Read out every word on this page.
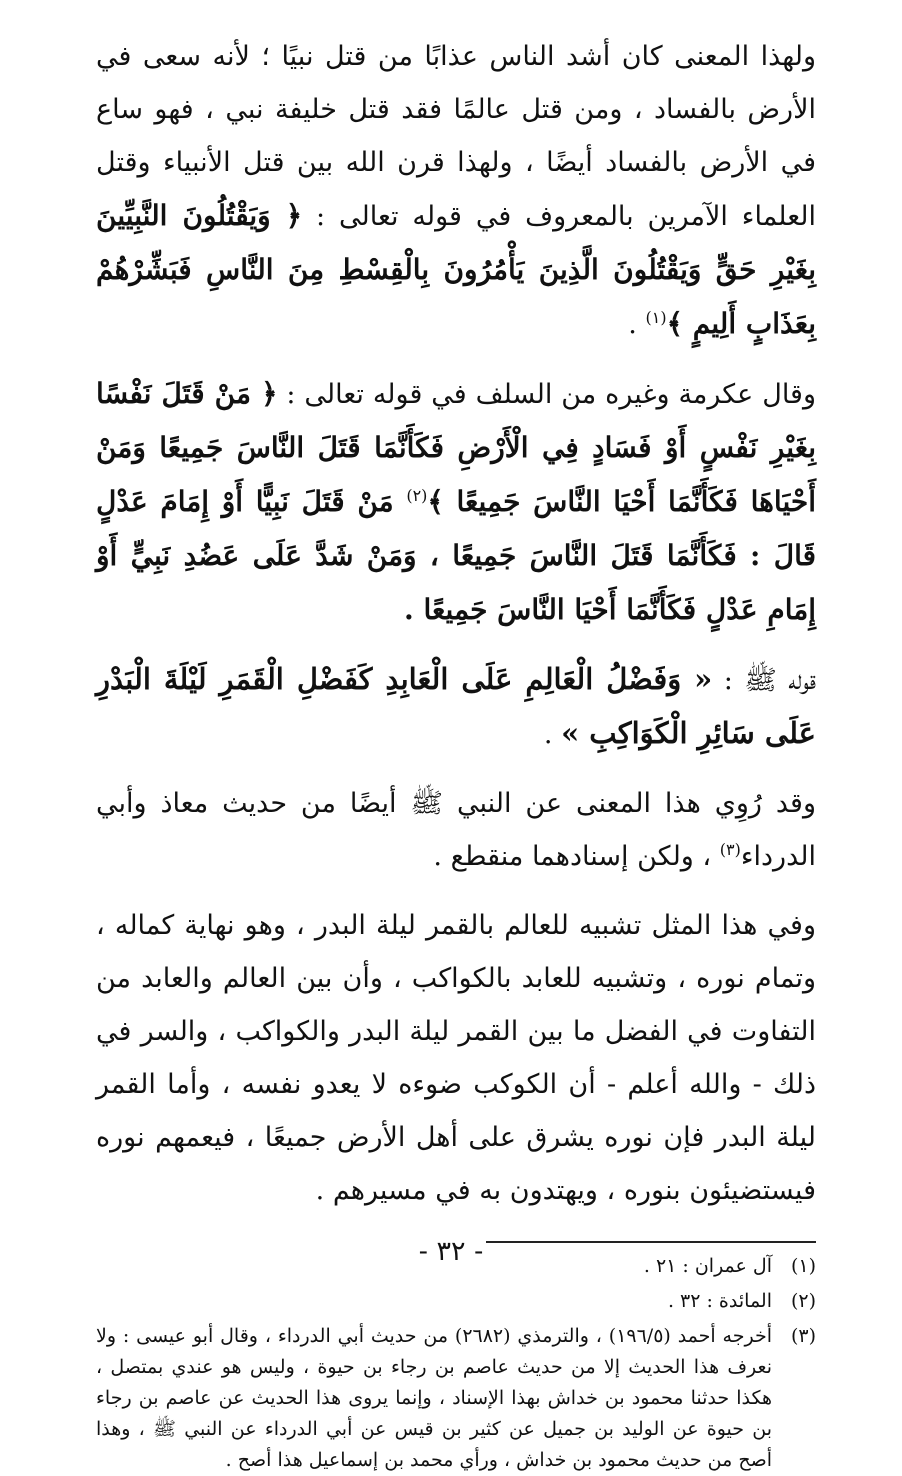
ولهذا المعنى كان أشد الناس عذابًا من قتل نبيًا ؛ لأنه سعى في الأرض بالفساد ، ومن قتل عالمًا فقد قتل خليفة نبي ، فهو ساع في الأرض بالفساد أيضًا ، ولهذا قرن الله بين قتل الأنبياء وقتل العلماء الآمرين بالمعروف في قوله تعالى : ﴿ وَيَقْتُلُونَ النَّبِيِّينَ بِغَيْرِ حَقٍّ وَيَقْتُلُونَ الَّذِينَ يَأْمُرُونَ بِالْقِسْطِ مِنَ النَّاسِ فَبَشِّرْهُمْ بِعَذَابٍ أَلِيمٍ ﴾$^{(١)}$ .

وقال عكرمة وغيره من السلف في قوله تعالى : ﴿ مَنْ قَتَلَ نَفْسًا بِغَيْرِ نَفْسٍ أَوْ فَسَادٍ فِي الْأَرْضِ فَكَأَنَّمَا قَتَلَ النَّاسَ جَمِيعًا وَمَنْ أَحْيَاهَا فَكَأَنَّمَا أَحْيَا النَّاسَ جَمِيعًا ﴾$^{(٢)}$ مَنْ قَتَلَ نَبِيًّا أَوْ إِمَامَ عَدْلٍ قَالَ : فَكَأَنَّمَا قَتَلَ النَّاسَ جَمِيعًا ، وَمَنْ شَدَّ عَلَى عَضُدِ نَبِيٍّ أَوْ إِمَامِ عَدْلٍ فَكَأَنَّمَا أَحْيَا النَّاسَ جَمِيعًا .

قوله ﷺ : « وَفَضْلُ الْعَالِمِ عَلَى الْعَابِدِ كَفَضْلِ الْقَمَرِ لَيْلَةَ الْبَدْرِ عَلَى سَائِرِ الْكَوَاكِبِ » .

وقد رُوِي هذا المعنى عن النبي ﷺ أيضًا من حديث معاذ وأبي الدرداء$^{(٣)}$ ، ولكن إسنادهما منقطع .

وفي هذا المثل تشبيه للعالم بالقمر ليلة البدر ، وهو نهاية كماله ، وتمام نوره ، وتشبيه للعابد بالكواكب ، وأن بين العالم والعابد من التفاوت في الفضل ما بين القمر ليلة البدر والكواكب ، والسر في ذلك - والله أعلم - أن الكوكب ضوءه لا يعدو نفسه ، وأما القمر ليلة البدر فإن نوره يشرق على أهل الأرض جميعًا ، فيعمهم نوره فيستضيئون بنوره ، ويهتدون به في مسيرهم .

(١)
آل عمران : ٢١ .
(٢)
المائدة : ٣٢ .
(٣)
أخرجه أحمد (١٩٦/٥) ، والترمذي (٢٦٨٢) من حديث أبي الدرداء ، وقال أبو عيسى : ولا نعرف هذا الحديث إلا من حديث عاصم بن رجاء بن حيوة ، وليس هو عندي بمتصل ، هكذا حدثنا محمود بن خداش بهذا الإسناد ، وإنما يروى هذا الحديث عن عاصم بن رجاء بن حيوة عن الوليد بن جميل عن كثير بن قيس عن أبي الدرداء عن النبي ﷺ ، وهذا أصح من حديث محمود بن خداش ، ورأي محمد بن إسماعيل هذا أصح .
- ٣٢ -
